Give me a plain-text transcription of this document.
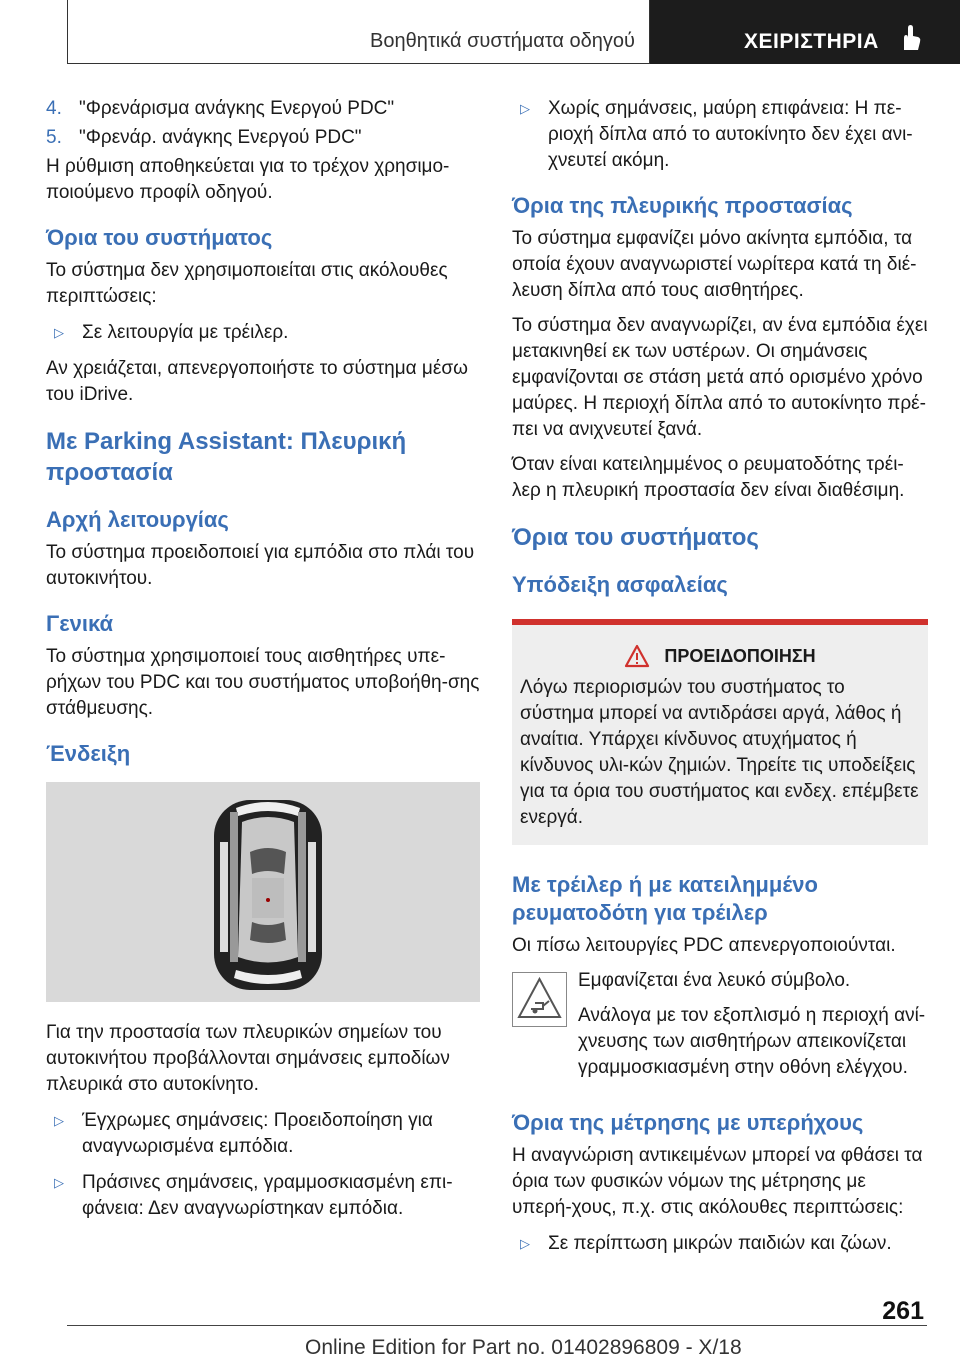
Βοηθητικά συστήματα οδηγού	ΧΕΙΡΙΣΤΗΡΙΑ
4. "Φρενάρισμα ανάγκης Ενεργού PDC"
5. "Φρενάρ. ανάγκης Ενεργού PDC"

Η ρύθμιση αποθηκεύεται για το τρέχον χρησιμο-ποιούμενο προφίλ οδηγού.

Όρια του συστήματος

Το σύστημα δεν χρησιμοποιείται στις ακόλουθες περιπτώσεις:

▷ Σε λειτουργία με τρέιλερ.

Αν χρειάζεται, απενεργοποιήστε το σύστημα μέσω του iDrive.

Με Parking Assistant: Πλευρική προστασία
Αρχή λειτουργίας

Το σύστημα προειδοποιεί για εμπόδια στο πλάι του αυτοκινήτου.

Γενικά

Το σύστημα χρησιμοποιεί τους αισθητήρες υπε-ρήχων του PDC και του συστήματος υποβοήθη-σης στάθμευσης.

Ένδειξη

Για την προστασία των πλευρικών σημείων του αυτοκινήτου προβάλλονται σημάνσεις εμποδίων πλευρικά στο αυτοκίνητο.

▷ Έγχρωμες σημάνσεις: Προειδοποίηση για αναγνωρισμένα εμπόδια.
▷ Πράσινες σημάνσεις, γραμμοσκιασμένη επι-φάνεια: Δεν αναγνωρίστηκαν εμπόδια.
▷ Χωρίς σημάνσεις, μαύρη επιφάνεια: Η πε-ριοχή δίπλα από το αυτοκίνητο δεν έχει ανι-χνευτεί ακόμη.
Όρια της πλευρικής προστασίας

Το σύστημα εμφανίζει μόνο ακίνητα εμπόδια, τα οποία έχουν αναγνωριστεί νωρίτερα κατά τη διέ-λευση δίπλα από τους αισθητήρες.

Το σύστημα δεν αναγνωρίζει, αν ένα εμπόδια έχει μετακινηθεί εκ των υστέρων. Οι σημάνσεις εμφανίζονται σε στάση μετά από ορισμένο χρόνο μαύρες. Η περιοχή δίπλα από το αυτοκίνητο πρέ-πει να ανιχνευτεί ξανά.

Όταν είναι κατειλημμένος ο ρευματοδότης τρέι-λερ η πλευρική προστασία δεν είναι διαθέσιμη.

Όρια του συστήματος
Υπόδειξη ασφαλείας
ΠΡΟΕΙΔΟΠΟΙΗΣΗ
Λόγω περιορισμών του συστήματος το σύστημα μπορεί να αντιδράσει αργά, λάθος ή αναίτια. Υπάρχει κίνδυνος ατυχήματος ή κίνδυνος υλι-κών ζημιών. Τηρείτε τις υποδείξεις για τα όρια του συστήματος και ενδεχ. επέμβετε ενεργά.
Με τρέιλερ ή με κατειλημμένο ρευματοδότη για τρέιλερ

Οι πίσω λειτουργίες PDC απενεργοποιούνται.

Εμφανίζεται ένα λευκό σύμβολο.

Ανάλογα με τον εξοπλισμό η περιοχή ανί-χνευσης των αισθητήρων απεικονίζεται γραμμοσκιασμένη στην οθόνη ελέγχου.

Όρια της μέτρησης με υπερήχους

Η αναγνώριση αντικειμένων μπορεί να φθάσει τα όρια των φυσικών νόμων της μέτρησης με υπερή-χους, π.χ. στις ακόλουθες περιπτώσεις:

▷ Σε περίπτωση μικρών παιδιών και ζώων.
261
Online Edition for Part no. 01402896809 - X/18
